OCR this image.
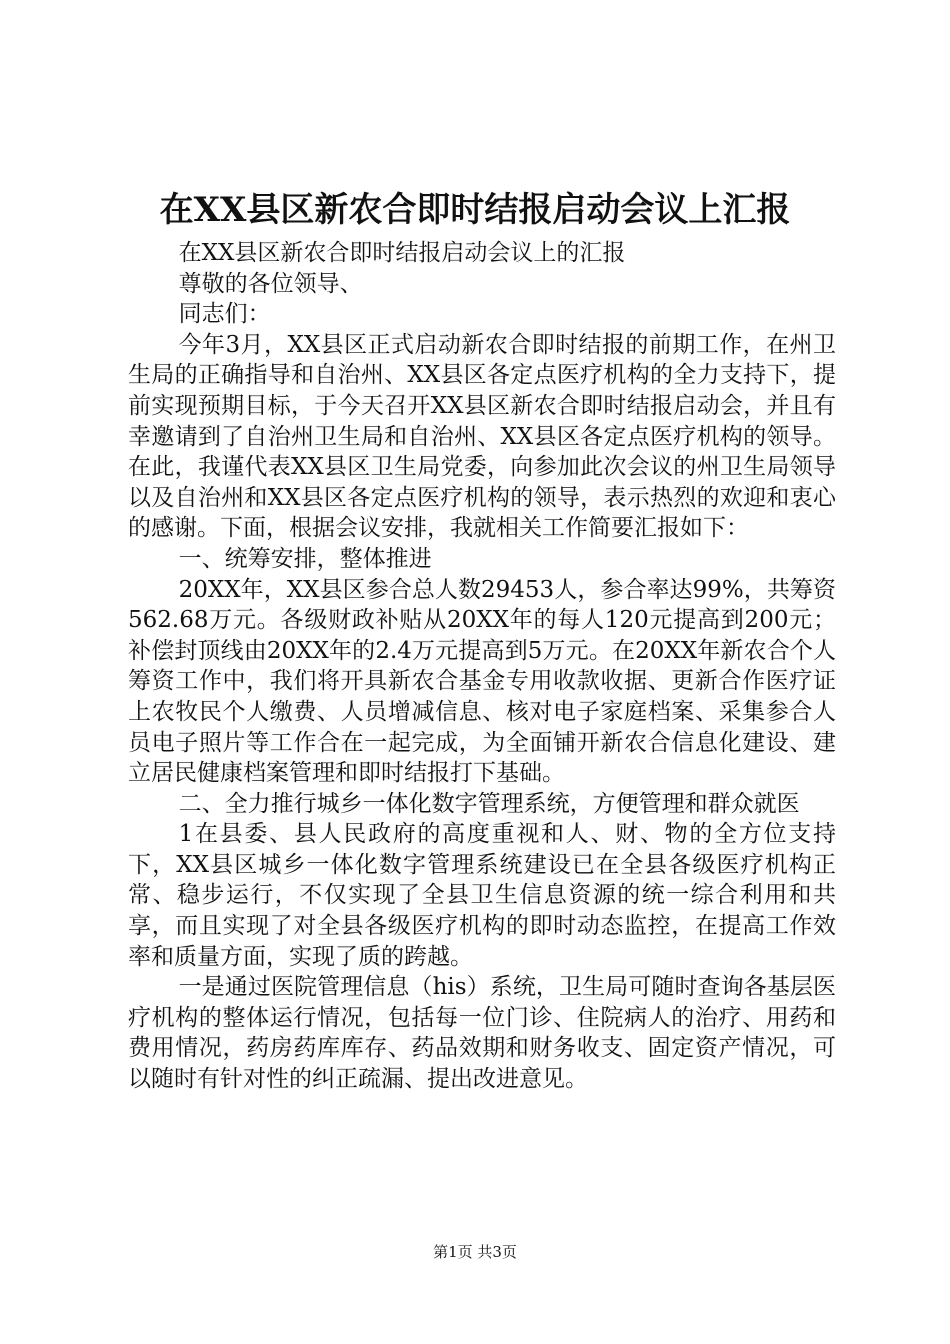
在XX县区新农合即时结报启动会议上汇报

在XX县区新农合即时结报启动会议上的汇报

尊敬的各位领导、

同志们：

今年3月，XX县区正式启动新农合即时结报的前期工作，在州卫生局的正确指导和自治州、XX县区各定点医疗机构的全力支持下，提前实现预期目标，于今天召开XX县区新农合即时结报启动会，并且有幸邀请到了自治州卫生局和自治州、XX县区各定点医疗机构的领导。在此，我谨代表XX县区卫生局党委，向参加此次会议的州卫生局领导以及自治州和XX县区各定点医疗机构的领导，表示热烈的欢迎和衷心的感谢。下面，根据会议安排，我就相关工作简要汇报如下：

一、统筹安排，整体推进

20XX年，XX县区参合总人数29453人，参合率达99%，共筹资562.68万元。各级财政补贴从20XX年的每人120元提高到200元；补偿封顶线由20XX年的2.4万元提高到5万元。在20XX年新农合个人筹资工作中，我们将开具新农合基金专用收款收据、更新合作医疗证上农牧民个人缴费、人员增减信息、核对电子家庭档案、采集参合人员电子照片等工作合在一起完成，为全面铺开新农合信息化建设、建立居民健康档案管理和即时结报打下基础。

二、全力推行城乡一体化数字管理系统，方便管理和群众就医

1在县委、县人民政府的高度重视和人、财、物的全方位支持下，XX县区城乡一体化数字管理系统建设已在全县各级医疗机构正常、稳步运行，不仅实现了全县卫生信息资源的统一综合利用和共享，而且实现了对全县各级医疗机构的即时动态监控，在提高工作效率和质量方面，实现了质的跨越。

一是通过医院管理信息（his）系统，卫生局可随时查询各基层医疗机构的整体运行情况，包括每一位门诊、住院病人的治疗、用药和费用情况，药房药库库存、药品效期和财务收支、固定资产情况，可以随时有针对性的纠正疏漏、提出改进意见。

第1页 共3页
